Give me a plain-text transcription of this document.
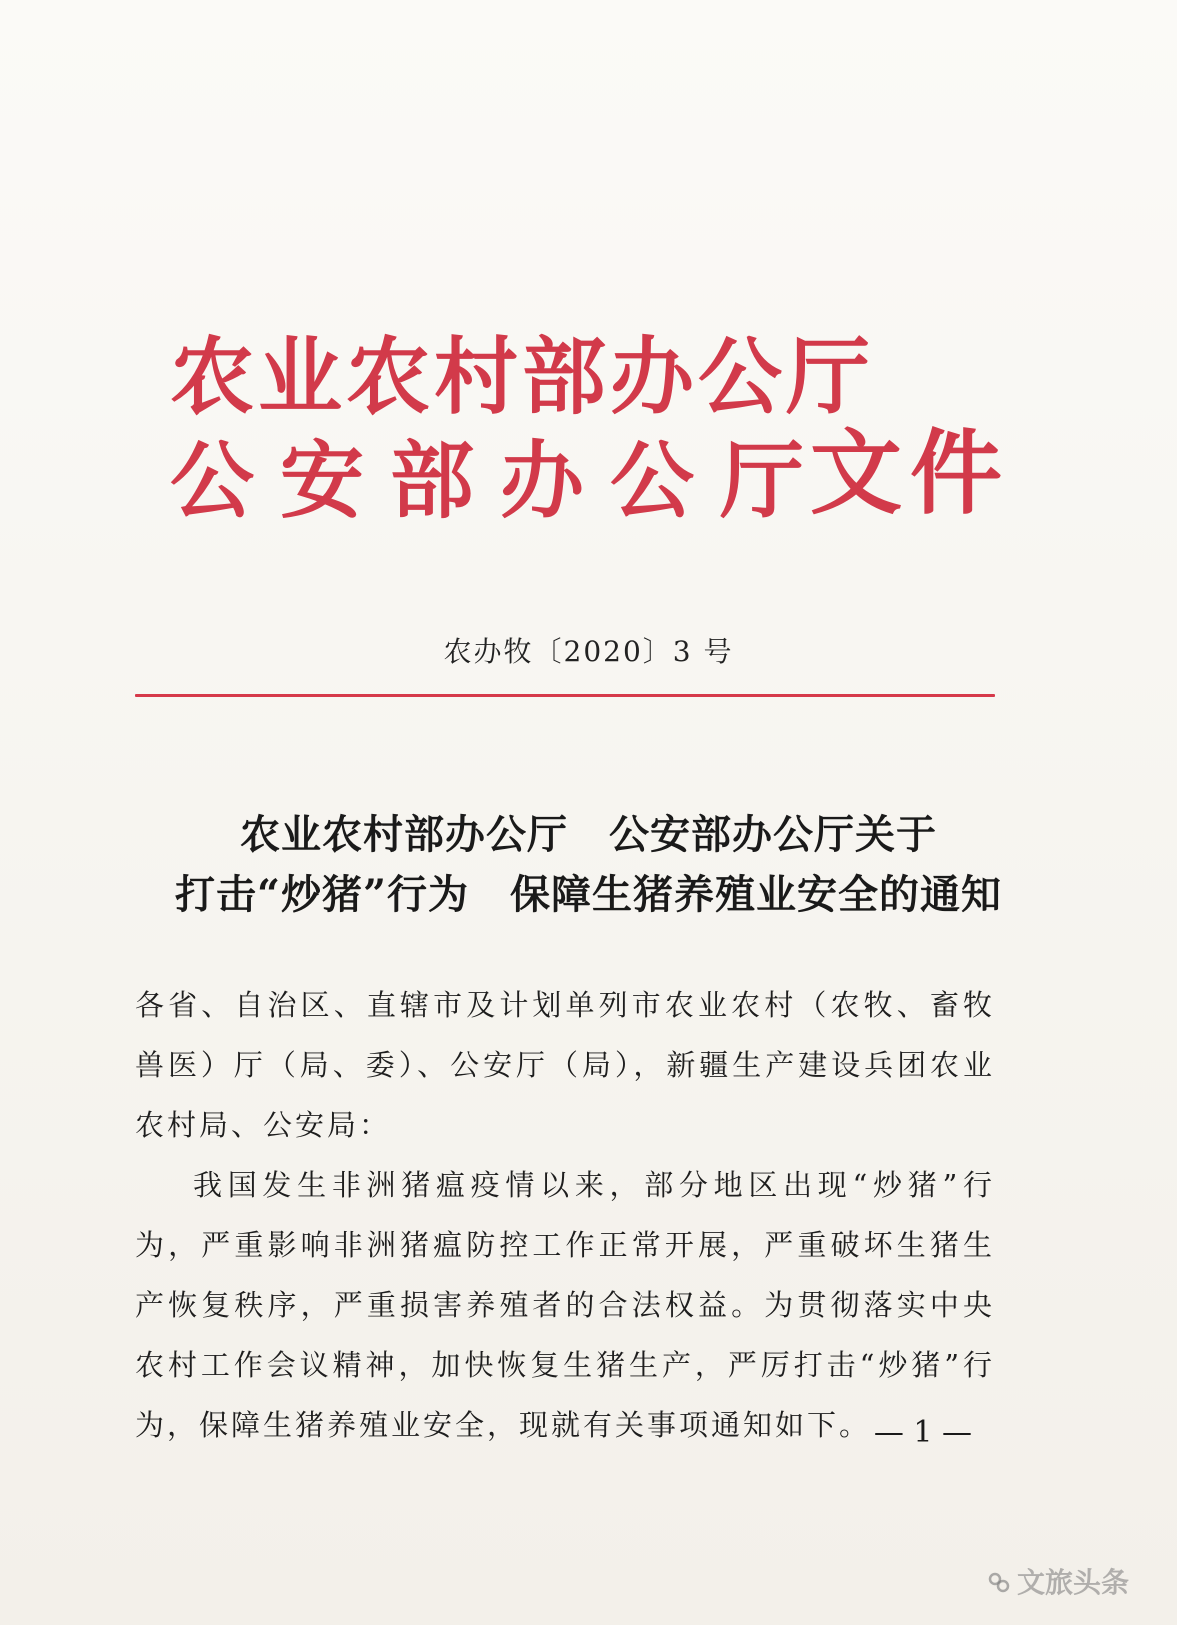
农业农村部办公厅
公安部办公厅
文件
农办牧〔2020〕3 号
农业农村部办公厅　公安部办公厅关于
打击“炒猪”行为　保障生猪养殖业安全的通知

各省、自治区、直辖市及计划单列市农业农村（农牧、畜牧兽医）厅（局、委）、公安厅（局），新疆生产建设兵团农业农村局、公安局：

我国发生非洲猪瘟疫情以来，部分地区出现“炒猪”行为，严重影响非洲猪瘟防控工作正常开展，严重破坏生猪生产恢复秩序，严重损害养殖者的合法权益。为贯彻落实中央农村工作会议精神，加快恢复生猪生产，严厉打击“炒猪”行为，保障生猪养殖业安全，现就有关事项通知如下。 — 1 —
文旅头条
